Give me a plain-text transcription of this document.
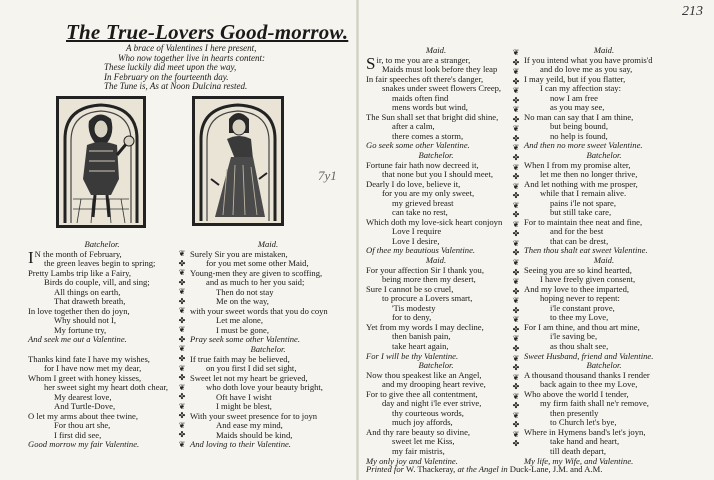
The True-Lovers Good-morrow.
213
A brace of Valentines I here present,
Who now together live in hearts content:
These luckily did meet upon the way,
In February on the fourteenth day.
The Tune is, As at Noon Dulcina rested.
7y1
Batchelor.
IN the month of February,
the green leaves begin to spring;
Pretty Lambs trip like a Fairy,
Birds do couple, vill, and sing;
All things on earth,
That draweth breath,
In love together then do joyn,
Why should not I,
My fortune try,
And seek me out a Valentine.
Thanks kind fate I have my wishes,
for I have now met my dear,
Whom I greet with honey kisses,
her sweet sight my heart doth chear,
My dearest love,
And Turtle-Dove,
O let my arms about thee twine,
For thou art she,
I first did see,
Good morrow my fair Valentine.
❦
✤
❦
✤
❦
✤
❦
✤
❦
✤
❦
✤
❦
✤
❦
✤
❦
✤
❦
✤
❦
Maid.
Surely Sir you are mistaken,
for you met some other Maid,
Young-men they are given to scoffing,
and as much to her you said;
Then do not stay
Me on the way,
with your sweet words that you do coyn
Let me alone,
I must be gone,
Pray seek some other Valentine.
Batchelor.
If true faith may be believed,
on you first I did set sight,
Sweet let not my heart be grieved,
who doth love your beauty bright,
Oft have I wisht
I might be blest,
With your sweet presence for to joyn
And ease my mind,
Maids should be kind,
And loving to their Valentine.
Maid.
Sir, to me you are a stranger,
Maids must look before they leap
In fair speeches oft there's danger,
snakes under sweet flowers Creep,
maids often find
mens words but wind,
The Sun shall set that bright did shine,
after a calm,
there comes a storm,
Go seek some other Valentine.
Batchelor.
Fortune fair hath now decreed it,
that none but you I should meet,
Dearly I do love, believe it,
for you are my only sweet,
my grieved breast
can take no rest,
Which doth my love-sick heart conjoyn
Love I require
Love I desire,
Of thee my beautious Valentine.
Maid.
For your affection Sir I thank you,
being more then my desert,
Sure I cannot be so cruel,
to procure a Lovers smart,
'Tis modesty
for to deny,
Yet from my words I may decline,
then banish pain,
take heart again,
For I will be thy Valentine.
Batchelor.
Now thou speakest like an Angel,
and my drooping heart revive,
For to give thee all contentment,
day and night i'le ever strive,
thy courteous words,
much joy affords,
And thy rare beauty so divine,
sweet let me Kiss,
my fair mistris,
My only joy and Valentine.
❦
✤
❦
✤
❦
✤
❦
✤
❦
✤
❦
✤
❦
✤
❦
✤
❦
✤
❦
✤
❦
✤
❦
✤
❦
✤
❦
✤
❦
✤
❦
✤
❦
✤
❦
✤
❦
✤
❦
✤
❦
✤
Maid.
If you intend what you have promis'd
and do love me as you say,
I may yeild, but if you flatter,
I can my affection stay:
now I am free
as you may see,
No man can say that I am thine,
but being bound,
no help is found,
And then no more sweet Valentine.
Batchelor.
When I from my promise alter,
let me then no longer thrive,
And let nothing with me prosper,
while that I remain alive.
pains i'le not spare,
but still take care,
For to maintain thee neat and fine,
and for the best
that can be drest,
Then thou shalt eat sweet Valentine.
Maid.
Seeing you are so kind hearted,
I have freely given consent,
And my love to thee imparted,
hoping never to repent:
i'le constant prove,
to thee my Love,
For I am thine, and thou art mine,
i'le saving be,
as thou shalt see,
Sweet Husband, friend and Valentine.
Batchelor.
A thousand thousand thanks I render
back again to thee my Love,
Who above the world I tender,
my firm faith shall ne'r remove,
then presently
to Church let's bye,
Where in Hymens band's let's joyn,
take hand and heart,
till death depart,
My life, my Wife, and Valentine.
Printed for W. Thackeray, at the Angel in Duck-Lane, J.M. and A.M.
